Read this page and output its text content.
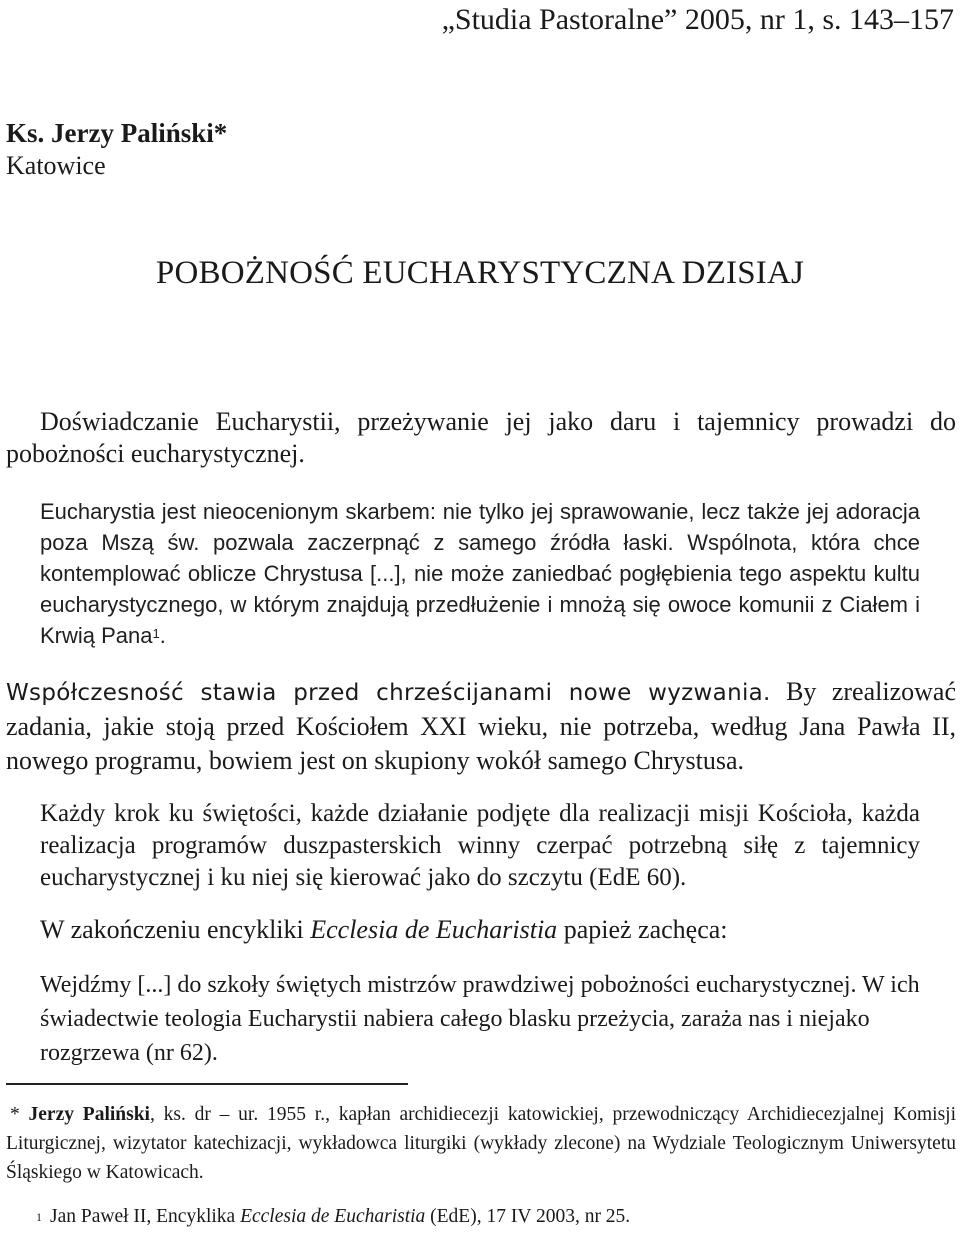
„Studia Pastoralne” 2005, nr 1, s. 143–157

Ks. Jerzy Paliński*

Katowice

POBOŻNOŚĆ EUCHARYSTYCZNA DZISIAJ

Doświadczanie Eucharystii, przeżywanie jej jako daru i tajemnicy prowadzi do pobożności eucharystycznej.

Eucharystia jest nieocenionym skarbem: nie tylko jej sprawowanie, lecz także jej adoracja poza Mszą św. pozwala zaczerpnąć z samego źródła łaski. Wspólnota, która chce kontemplować oblicze Chrystusa [...], nie może zaniedbać pogłębienia tego aspektu kultu eucharystycznego, w którym znajdują przedłużenie i mnożą się owoce komunii z Ciałem i Krwią Pana$^1$.

Współczesność stawia przed chrześcijanami nowe wyzwania. By zrealizować zadania, jakie stoją przed Kościołem XXI wieku, nie potrzeba, według Jana Pawła II, nowego programu, bowiem jest on skupiony wokół samego Chrystusa.

Każdy krok ku świętości, każde działanie podjęte dla realizacji misji Kościoła, każda realizacja programów duszpasterskich winny czerpać potrzebną siłę z tajemnicy eucharystycznej i ku niej się kierować jako do szczytu (EdE 60).

W zakończeniu encykliki Ecclesia de Eucharistia papież zachęca:

Wejdźmy [...] do szkoły świętych mistrzów prawdziwej pobożności eucharystycznej. W ich świadectwie teologia Eucharystii nabiera całego blasku przeżycia, zaraża nas i niejako rozgrzewa (nr 62).

* Jerzy Paliński, ks. dr – ur. 1955 r., kapłan archidiecezji katowickiej, przewodniczący Archidiecezjalnej Komisji Liturgicznej, wizytator katechizacji, wykładowca liturgiki (wykłady zlecone) na Wydziale Teologicznym Uniwersytetu Śląskiego w Katowicach.

$^1$ Jan Paweł II, Encyklika Ecclesia de Eucharistia (EdE), 17 IV 2003, nr 25.
